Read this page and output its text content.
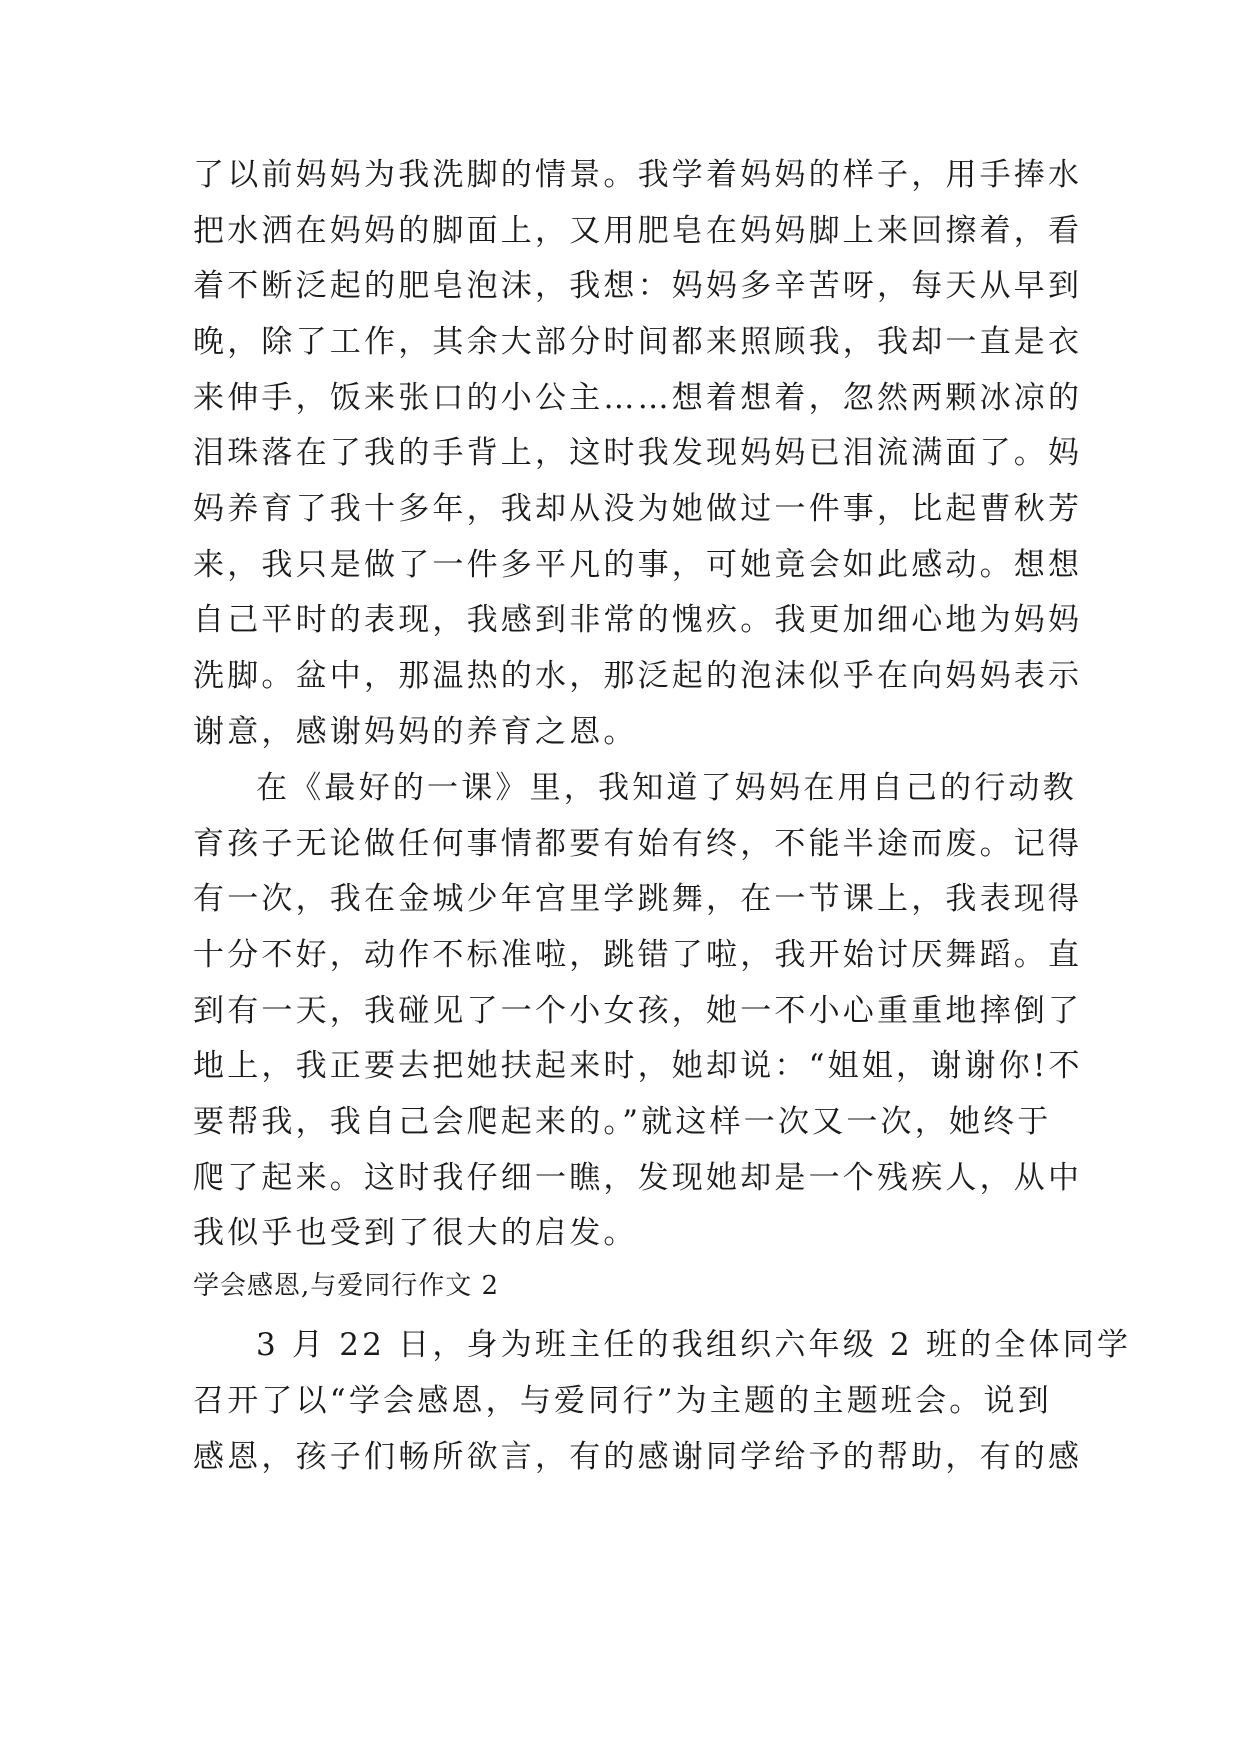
了以前妈妈为我洗脚的情景。我学着妈妈的样子，用手捧水
把水洒在妈妈的脚面上，又用肥皂在妈妈脚上来回擦着，看
着不断泛起的肥皂泡沫，我想：妈妈多辛苦呀，每天从早到
晚，除了工作，其余大部分时间都来照顾我，我却一直是衣
来伸手，饭来张口的小公主……想着想着，忽然两颗冰凉的
泪珠落在了我的手背上，这时我发现妈妈已泪流满面了。妈
妈养育了我十多年，我却从没为她做过一件事，比起曹秋芳
来，我只是做了一件多平凡的事，可她竟会如此感动。想想
自己平时的表现，我感到非常的愧疚。我更加细心地为妈妈
洗脚。盆中，那温热的水，那泛起的泡沫似乎在向妈妈表示
谢意，感谢妈妈的养育之恩。
在《最好的一课》里，我知道了妈妈在用自己的行动教
育孩子无论做任何事情都要有始有终，不能半途而废。记得
有一次，我在金城少年宫里学跳舞，在一节课上，我表现得
十分不好，动作不标准啦，跳错了啦，我开始讨厌舞蹈。直
到有一天，我碰见了一个小女孩，她一不小心重重地摔倒了
地上，我正要去把她扶起来时，她却说：“姐姐，谢谢你!不
要帮我，我自己会爬起来的。”就这样一次又一次，她终于
爬了起来。这时我仔细一瞧，发现她却是一个残疾人，从中
我似乎也受到了很大的启发。
学会感恩,与爱同行作文 2
3 月 22 日，身为班主任的我组织六年级 2 班的全体同学
召开了以“学会感恩，与爱同行”为主题的主题班会。说到
感恩，孩子们畅所欲言，有的感谢同学给予的帮助，有的感
